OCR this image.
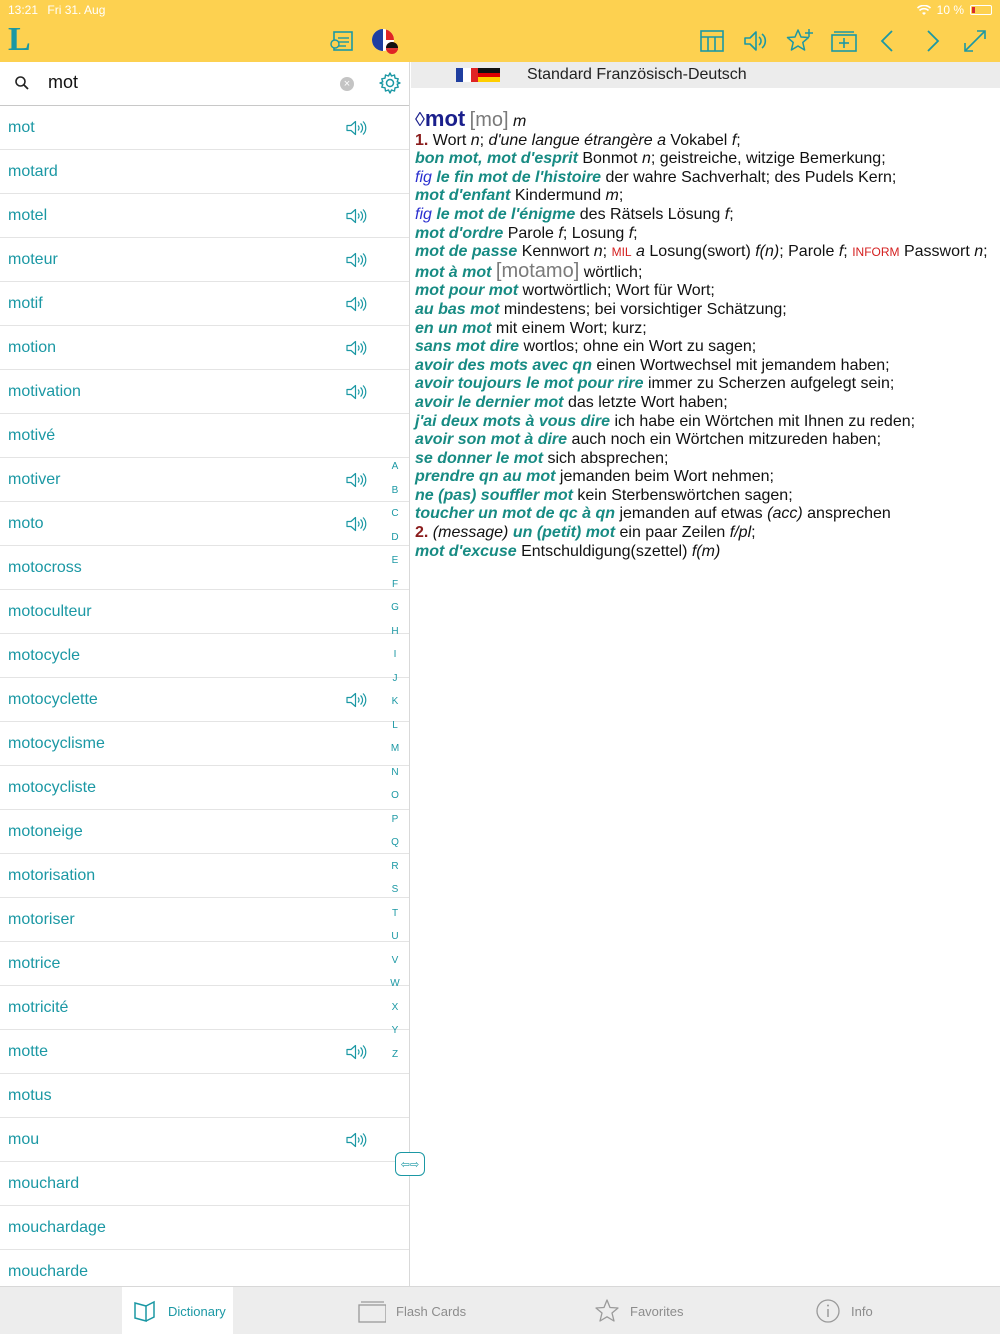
13:21 Fri 31. Aug	10 %
L
mot
×
mot
motard
motel
moteur
motif
motion
motivation
motivé
motiver
moto
motocross
motoculteur
motocycle
motocyclette
motocyclisme
motocycliste
motoneige
motorisation
motoriser
motrice
motricité
motte
motus
mou
mouchard
mouchardage
moucharde
A
B
C
D
E
F
G
H
I
J
K
L
M
N
O
P
Q
R
S
T
U
V
W
X
Y
Z
⇦⇨
Standard Französisch-Deutsch

◊mot [mo] m

1. Wort n; d'une langue étrangère a Vokabel f;

bon mot, mot d'esprit Bonmot n; geistreiche, witzige Bemerkung;

fig le fin mot de l'histoire der wahre Sachverhalt; des Pudels Kern;

mot d'enfant Kindermund m;

fig le mot de l'énigme des Rätsels Lösung f;

mot d'ordre Parole f; Losung f;

mot de passe Kennwort n; MIL a Losung(swort) f(n); Parole f; INFORM Passwort n;

mot à mot [motamo] wörtlich;

mot pour mot wortwörtlich; Wort für Wort;

au bas mot mindestens; bei vorsichtiger Schätzung;

en un mot mit einem Wort; kurz;

sans mot dire wortlos; ohne ein Wort zu sagen;

avoir des mots avec qn einen Wortwechsel mit jemandem haben;

avoir toujours le mot pour rire immer zu Scherzen aufgelegt sein;

avoir le dernier mot das letzte Wort haben;

j'ai deux mots à vous dire ich habe ein Wörtchen mit Ihnen zu reden;

avoir son mot à dire auch noch ein Wörtchen mitzureden haben;

se donner le mot sich absprechen;

prendre qn au mot jemanden beim Wort nehmen;

ne (pas) souffler mot kein Sterbenswörtchen sagen;

toucher un mot de qc à qn jemanden auf etwas (acc) ansprechen

2. (message) un (petit) mot ein paar Zeilen f/pl;

mot d'excuse Entschuldigung(szettel) f(m)

Dictionary	Flash Cards	Favorites	Info
